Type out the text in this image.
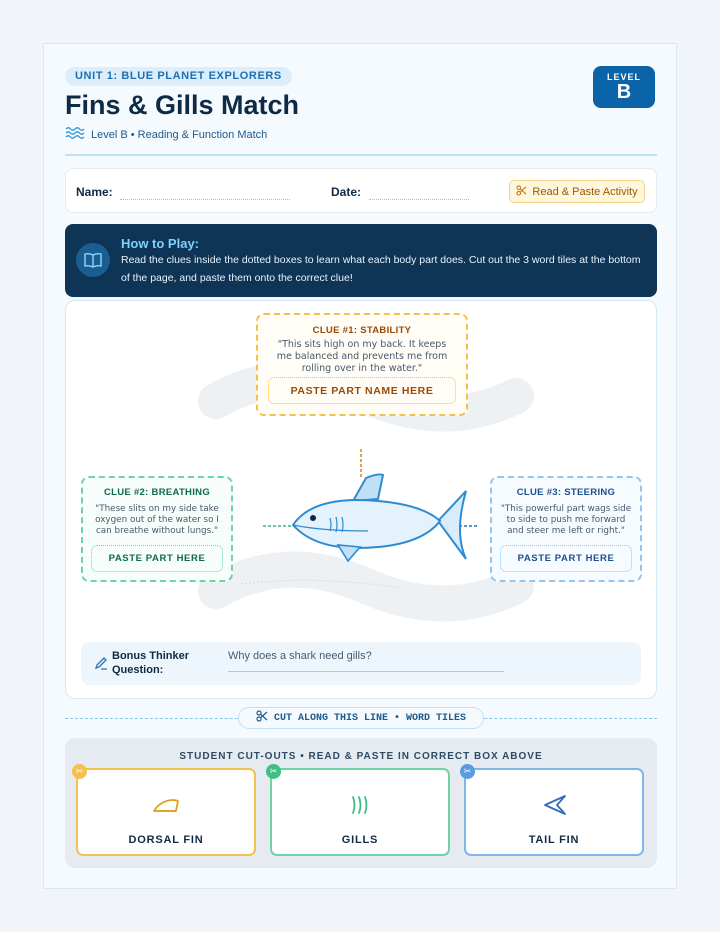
UNIT 1: BLUE PLANET EXPLORERS
Fins & Gills Match
Level B • Reading & Function Match
LEVEL
B
Name:	Date:	Read & Paste Activity
How to Play:
Read the clues inside the dotted boxes to learn what each body part does. Cut out the 3 word tiles at the bottom of the page, and paste them onto the correct clue!
CLUE #1: STABILITY
"This sits high on my back. It keeps me balanced and prevents me from rolling over in the water."
PASTE PART NAME HERE
CLUE #2: BREATHING
"These slits on my side take oxygen out of the water so I can breathe without lungs."
PASTE PART HERE
CLUE #3: STEERING
"This powerful part wags side to side to push me forward and steer me left or right."
PASTE PART HERE
Bonus Thinker Question:
Why does a shark need gills?
CUT ALONG THIS LINE • WORD TILES
STUDENT CUT-OUTS • READ & PASTE IN CORRECT BOX ABOVE
✂
DORSAL FIN
✂
GILLS
✂
TAIL FIN
